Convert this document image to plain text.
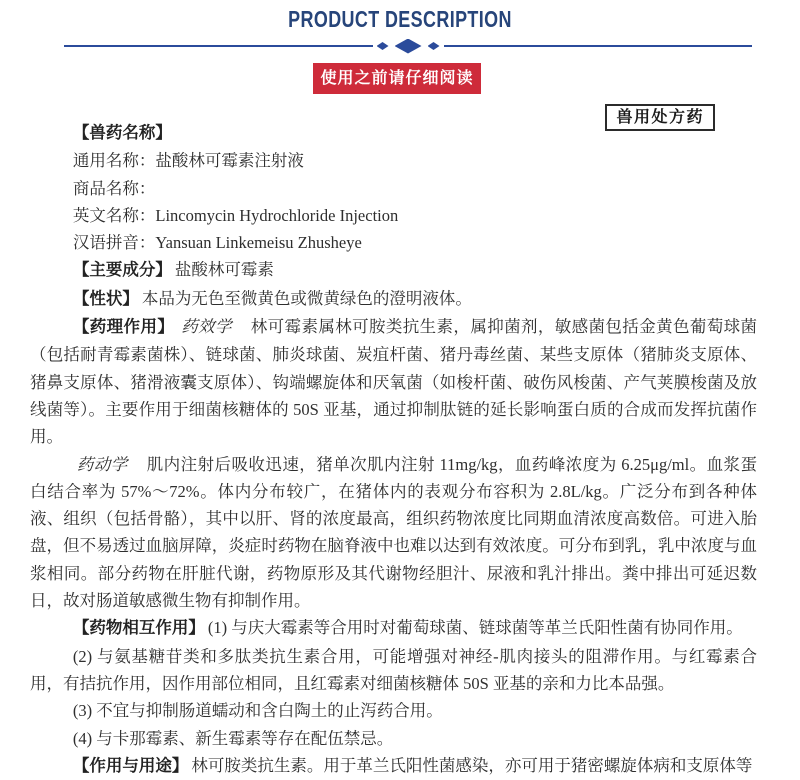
PRODUCT DESCRIPTION
使用之前请仔细阅读
兽用处方药

【兽药名称】

通用名称：盐酸林可霉素注射液

商品名称：

英文名称：Lincomycin Hydrochloride Injection

汉语拼音：Yansuan Linkemeisu Zhusheye

【主要成分】 盐酸林可霉素

【性状】 本品为无色至微黄色或微黄绿色的澄明液体。

【药理作用】 药效学　林可霉素属林可胺类抗生素，属抑菌剂，敏感菌包括金黄色葡萄球菌（包括耐青霉素菌株）、链球菌、肺炎球菌、炭疽杆菌、猪丹毒丝菌、某些支原体（猪肺炎支原体、猪鼻支原体、猪滑液囊支原体）、钩端螺旋体和厌氧菌（如梭杆菌、破伤风梭菌、产气荚膜梭菌及放线菌等）。主要作用于细菌核糖体的 50S 亚基，通过抑制肽链的延长影响蛋白质的合成而发挥抗菌作用。

药动学　肌内注射后吸收迅速，猪单次肌内注射 11mg/kg，血药峰浓度为 6.25μg/ml。血浆蛋白结合率为 57%～72%。体内分布较广，在猪体内的表观分布容积为 2.8L/kg。广泛分布到各种体液、组织（包括骨骼），其中以肝、肾的浓度最高，组织药物浓度比同期血清浓度高数倍。可进入胎盘，但不易透过血脑屏障，炎症时药物在脑脊液中也难以达到有效浓度。可分布到乳，乳中浓度与血浆相同。部分药物在肝脏代谢，药物原形及其代谢物经胆汁、尿液和乳汁排出。粪中排出可延迟数日，故对肠道敏感微生物有抑制作用。

【药物相互作用】 (1) 与庆大霉素等合用时对葡萄球菌、链球菌等革兰氏阳性菌有协同作用。

(2) 与氨基糖苷类和多肽类抗生素合用，可能增强对神经-肌肉接头的阻滞作用。与红霉素合用，有拮抗作用，因作用部位相同，且红霉素对细菌核糖体 50S 亚基的亲和力比本品强。

(3) 不宜与抑制肠道蠕动和含白陶土的止泻药合用。

(4) 与卡那霉素、新生霉素等存在配伍禁忌。

【作用与用途】 林可胺类抗生素。用于革兰氏阳性菌感染，亦可用于猪密螺旋体病和支原体等
